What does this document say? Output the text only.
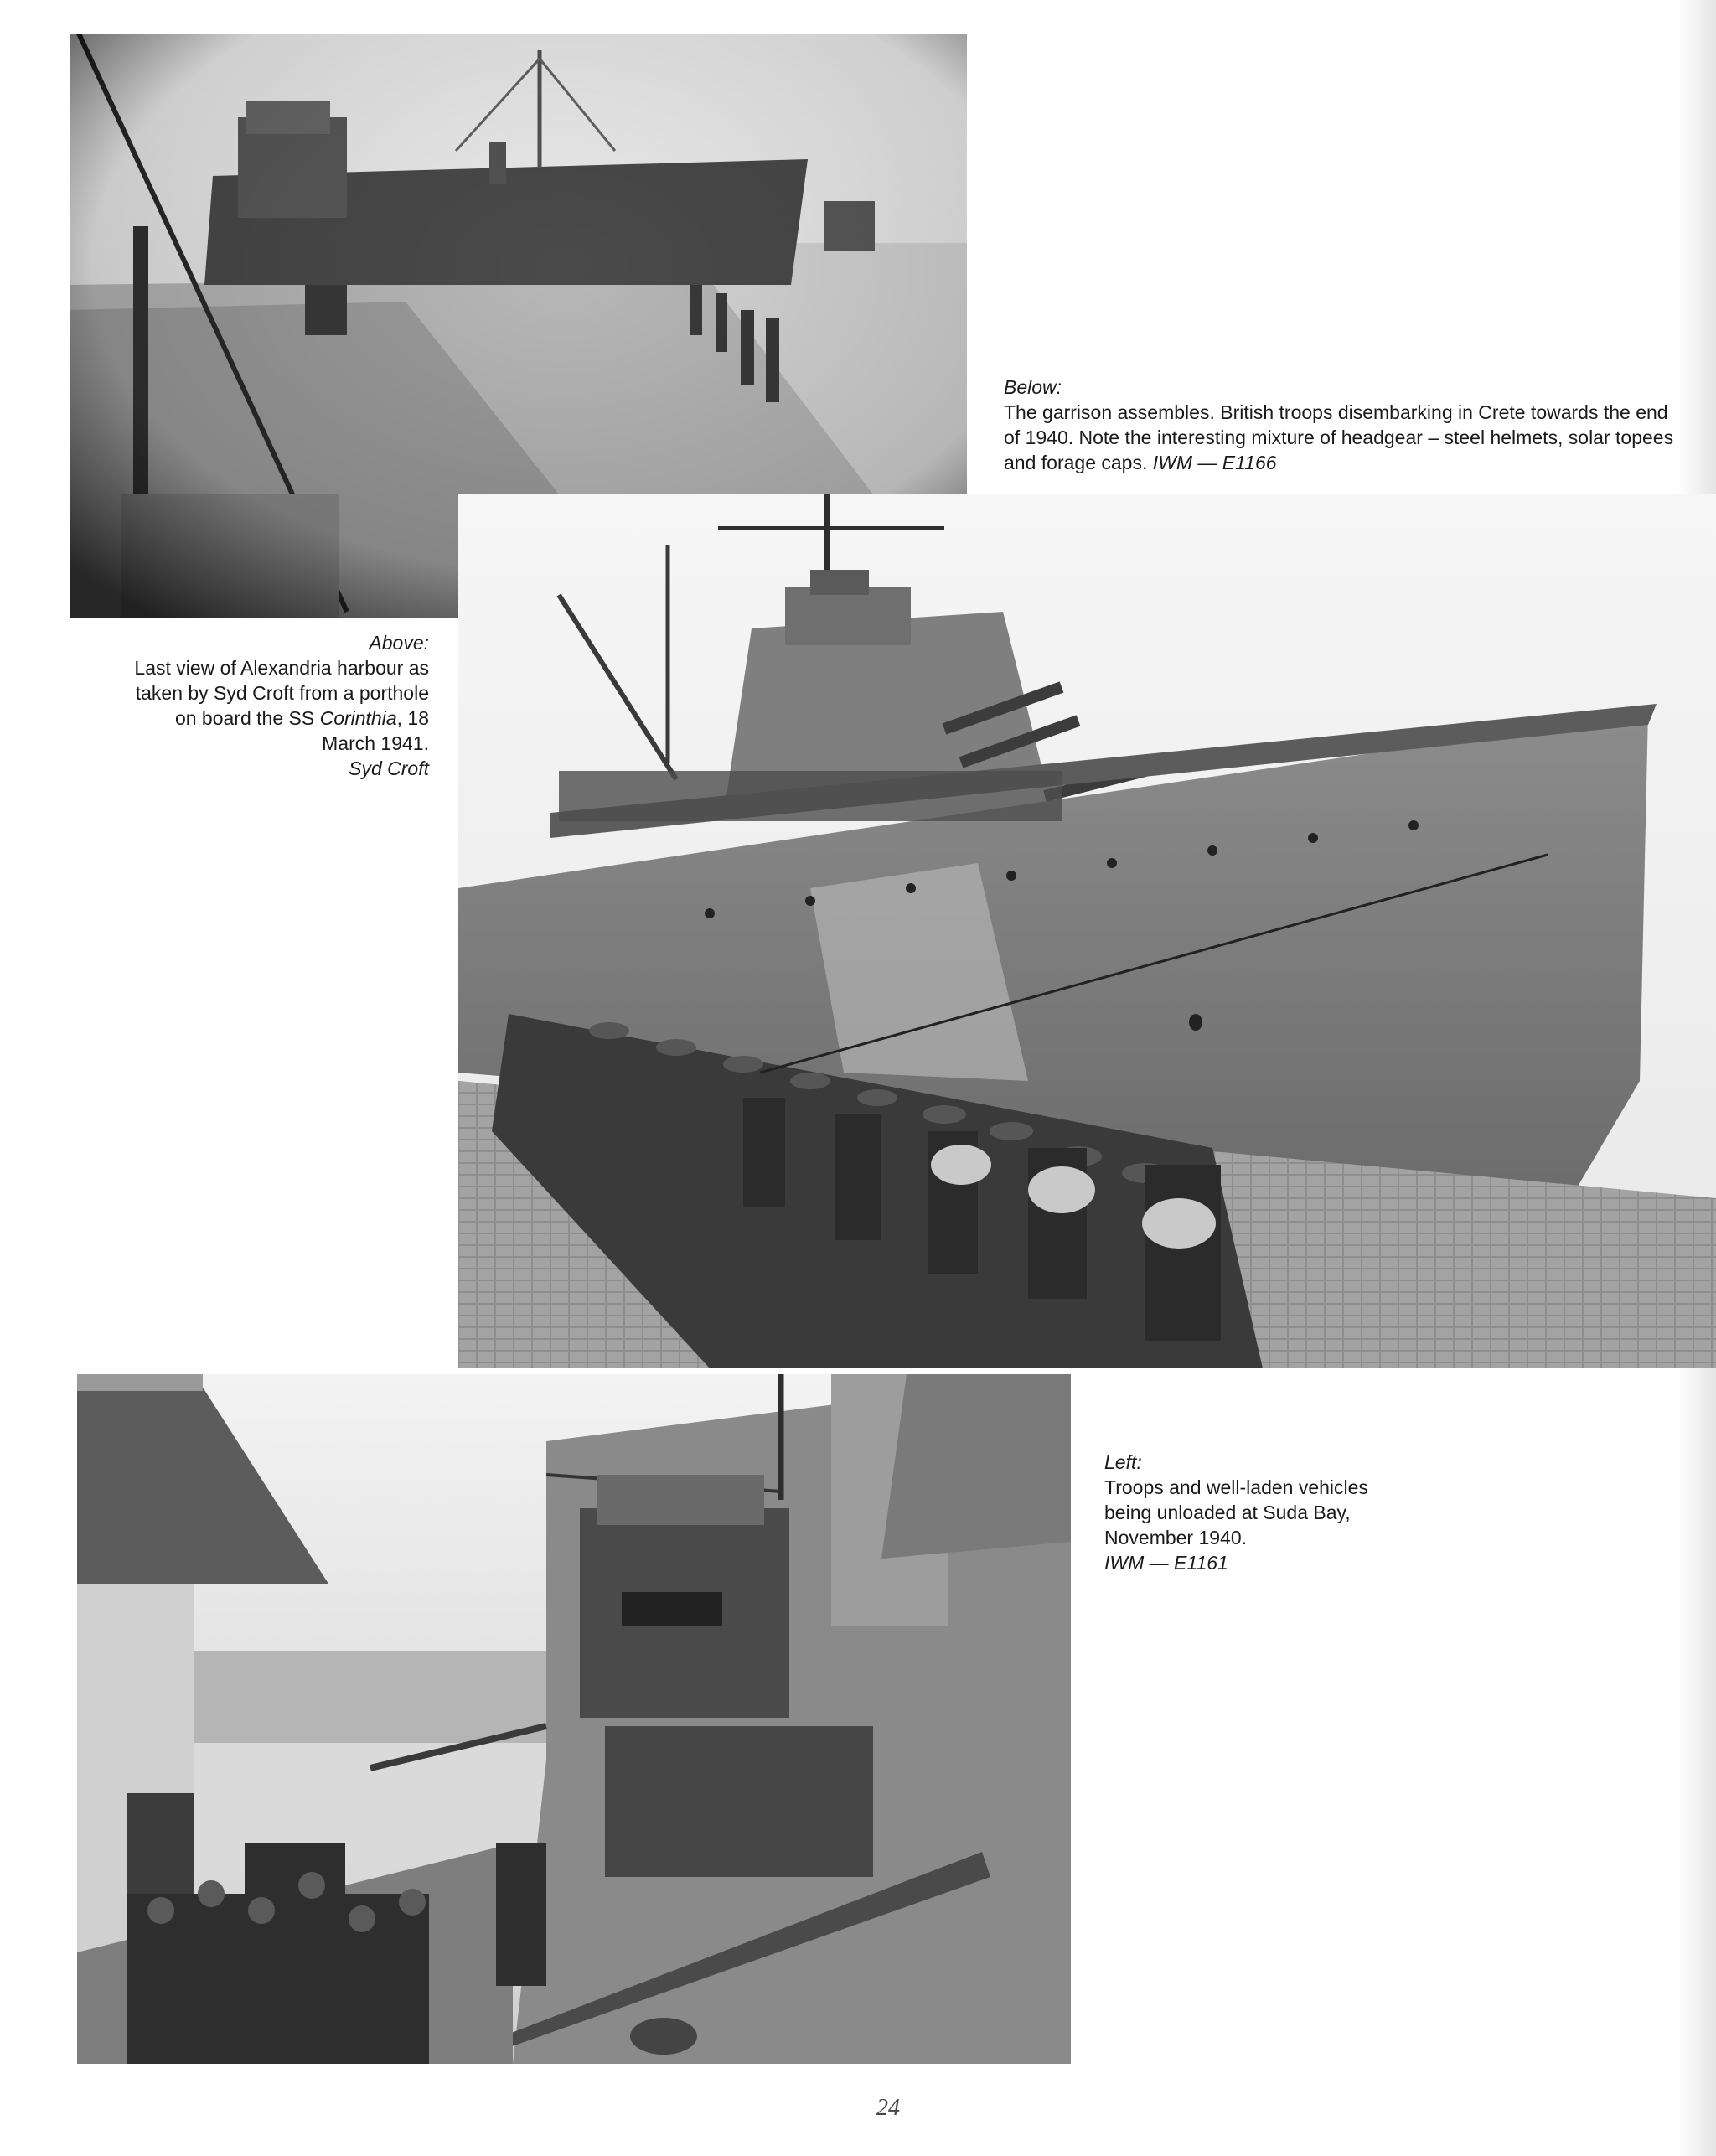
Below:
The garrison assembles. British troops disembarking in Crete towards the end of 1940. Note the interesting mixture of headgear – steel helmets, solar topees and forage caps. IWM — E1166
Above:
Last view of Alexandria harbour as taken by Syd Croft from a porthole on board the SS Corinthia, 18 March 1941.
Syd Croft
Left:
Troops and well-laden vehicles being unloaded at Suda Bay, November 1940.
IWM — E1161
24
